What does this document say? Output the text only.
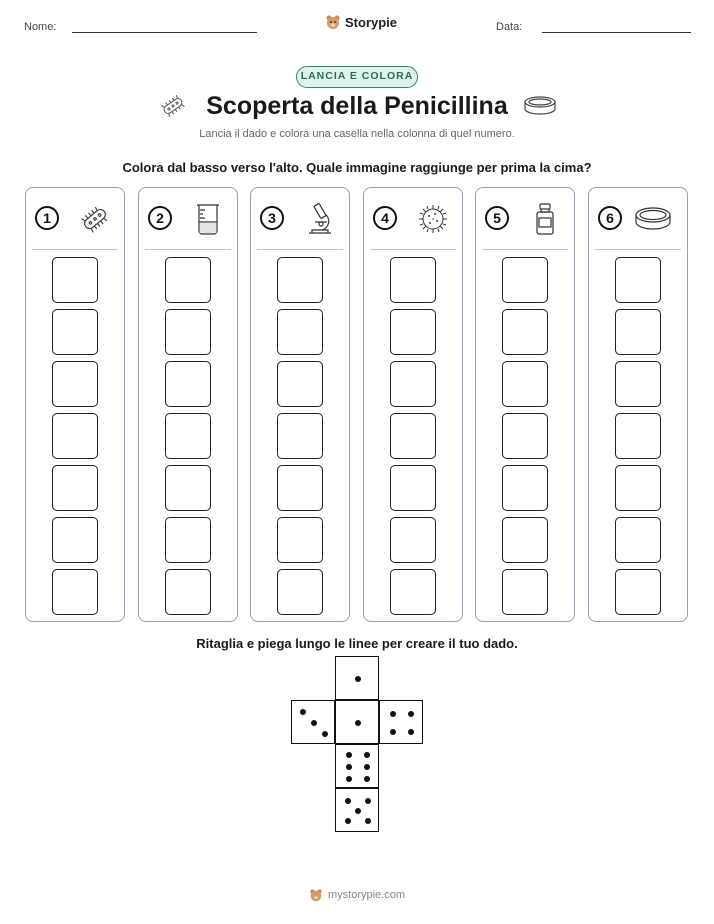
Nome:	Storypie	Data:
LANCIA E COLORA
Scoperta della Penicillina
Lancia il dado e colora una casella nella colonna di quel numero.
Colora dal basso verso l'alto. Quale immagine raggiunge per prima la cima?
1	2	3	4	5	6
Ritaglia e piega lungo le linee per creare il tuo dado.
mystorypie.com
